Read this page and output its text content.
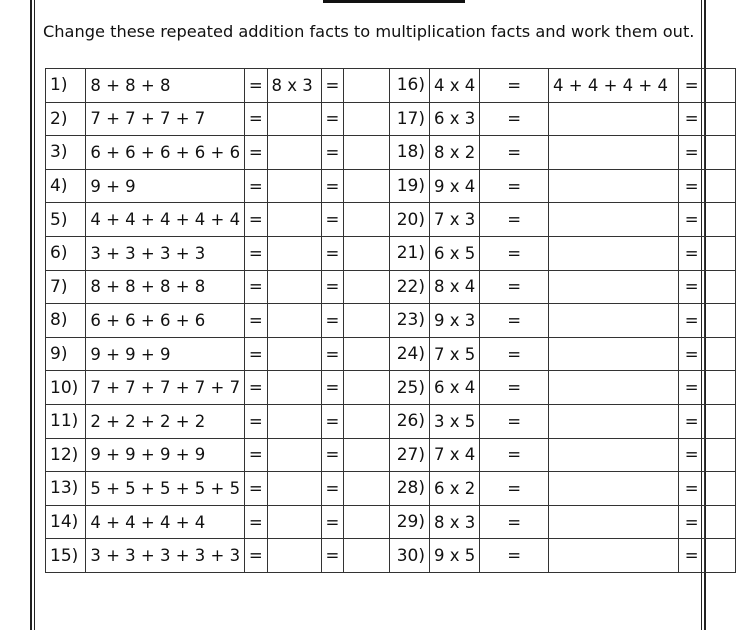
Change these repeated addition facts to multiplication facts and work them out.
1)	8 + 8 + 8	=	8 x 3	=		16)	4 x 4	=	4 + 4 + 4 + 4	=	
2)	7 + 7 + 7 + 7	=		=		17)	6 x 3	=		=	
3)	6 + 6 + 6 + 6 + 6	=		=		18)	8 x 2	=		=	
4)	9 + 9	=		=		19)	9 x 4	=		=	
5)	4 + 4 + 4 + 4 + 4	=		=		20)	7 x 3	=		=	
6)	3 + 3 + 3 + 3	=		=		21)	6 x 5	=		=	
7)	8 + 8 + 8 + 8	=		=		22)	8 x 4	=		=	
8)	6 + 6 + 6 + 6	=		=		23)	9 x 3	=		=	
9)	9 + 9 + 9	=		=		24)	7 x 5	=		=	
10)	7 + 7 + 7 + 7 + 7	=		=		25)	6 x 4	=		=	
11)	2 + 2 + 2 + 2	=		=		26)	3 x 5	=		=	
12)	9 + 9 + 9 + 9	=		=		27)	7 x 4	=		=	
13)	5 + 5 + 5 + 5 + 5	=		=		28)	6 x 2	=		=	
14)	4 + 4 + 4 + 4	=		=		29)	8 x 3	=		=	
15)	3 + 3 + 3 + 3 + 3	=		=		30)	9 x 5	=		=	
